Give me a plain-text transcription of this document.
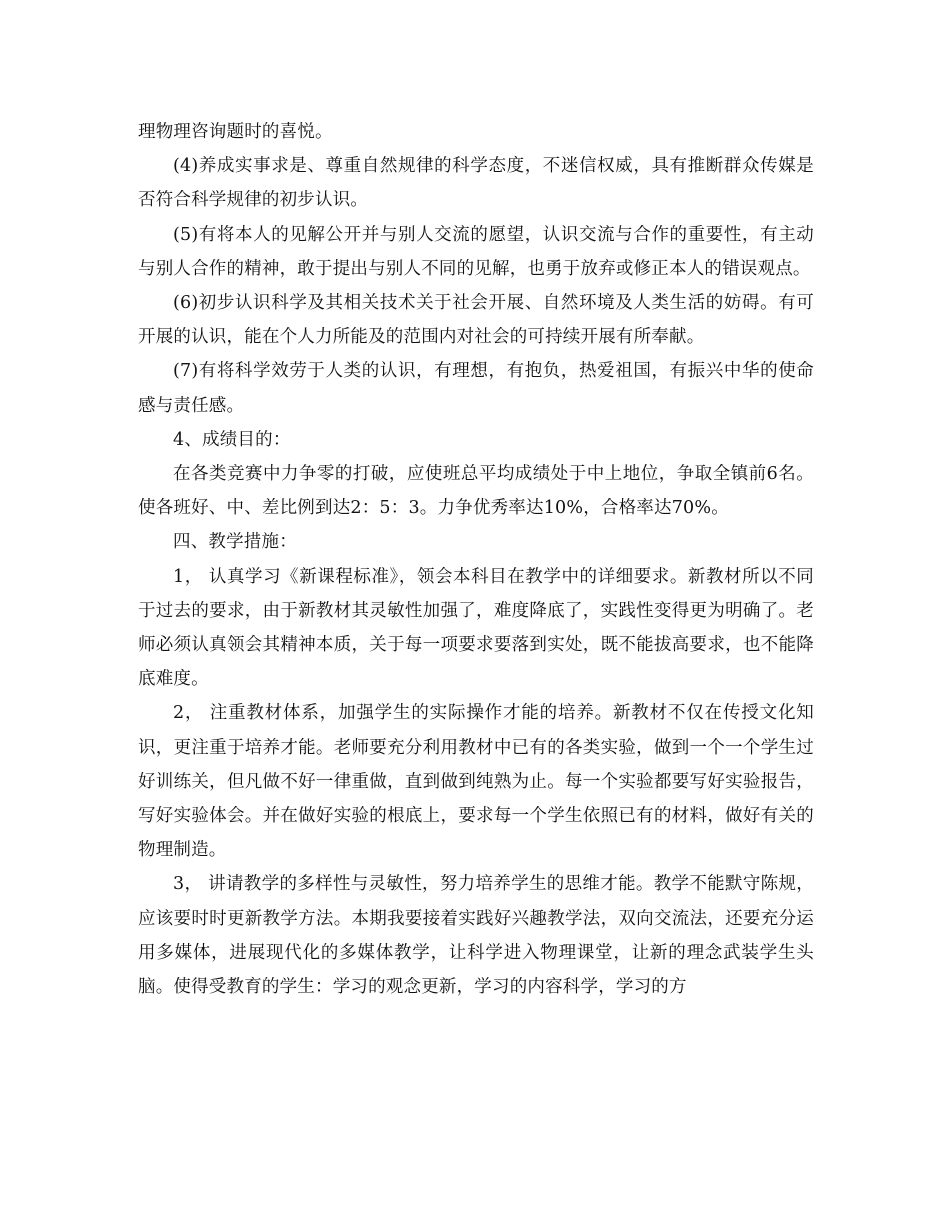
理物理咨询题时的喜悦。

(4)养成实事求是、尊重自然规律的科学态度，不迷信权威，具有推断群众传媒是否符合科学规律的初步认识。

(5)有将本人的见解公开并与别人交流的愿望，认识交流与合作的重要性，有主动与别人合作的精神，敢于提出与别人不同的见解，也勇于放弃或修正本人的错误观点。

(6)初步认识科学及其相关技术关于社会开展、自然环境及人类生活的妨碍。有可开展的认识，能在个人力所能及的范围内对社会的可持续开展有所奉献。

(7)有将科学效劳于人类的认识，有理想，有抱负，热爱祖国，有振兴中华的使命感与责任感。

4、成绩目的：

在各类竞赛中力争零的打破，应使班总平均成绩处于中上地位，争取全镇前6名。使各班好、中、差比例到达2：5：3。力争优秀率达10%，合格率达70%。

四、教学措施：

1， 认真学习《新课程标准》，领会本科目在教学中的详细要求。新教材所以不同于过去的要求，由于新教材其灵敏性加强了，难度降底了，实践性变得更为明确了。老师必须认真领会其精神本质，关于每一项要求要落到实处，既不能拔高要求，也不能降底难度。

2， 注重教材体系，加强学生的实际操作才能的培养。新教材不仅在传授文化知识，更注重于培养才能。老师要充分利用教材中已有的各类实验，做到一个一个学生过好训练关，但凡做不好一律重做，直到做到纯熟为止。每一个实验都要写好实验报告，写好实验体会。并在做好实验的根底上，要求每一个学生依照已有的材料，做好有关的物理制造。

3， 讲请教学的多样性与灵敏性，努力培养学生的思维才能。教学不能默守陈规，应该要时时更新教学方法。本期我要接着实践好兴趣教学法，双向交流法，还要充分运用多媒体，进展现代化的多媒体教学，让科学进入物理课堂，让新的理念武装学生头脑。使得受教育的学生：学习的观念更新，学习的内容科学，学习的方
